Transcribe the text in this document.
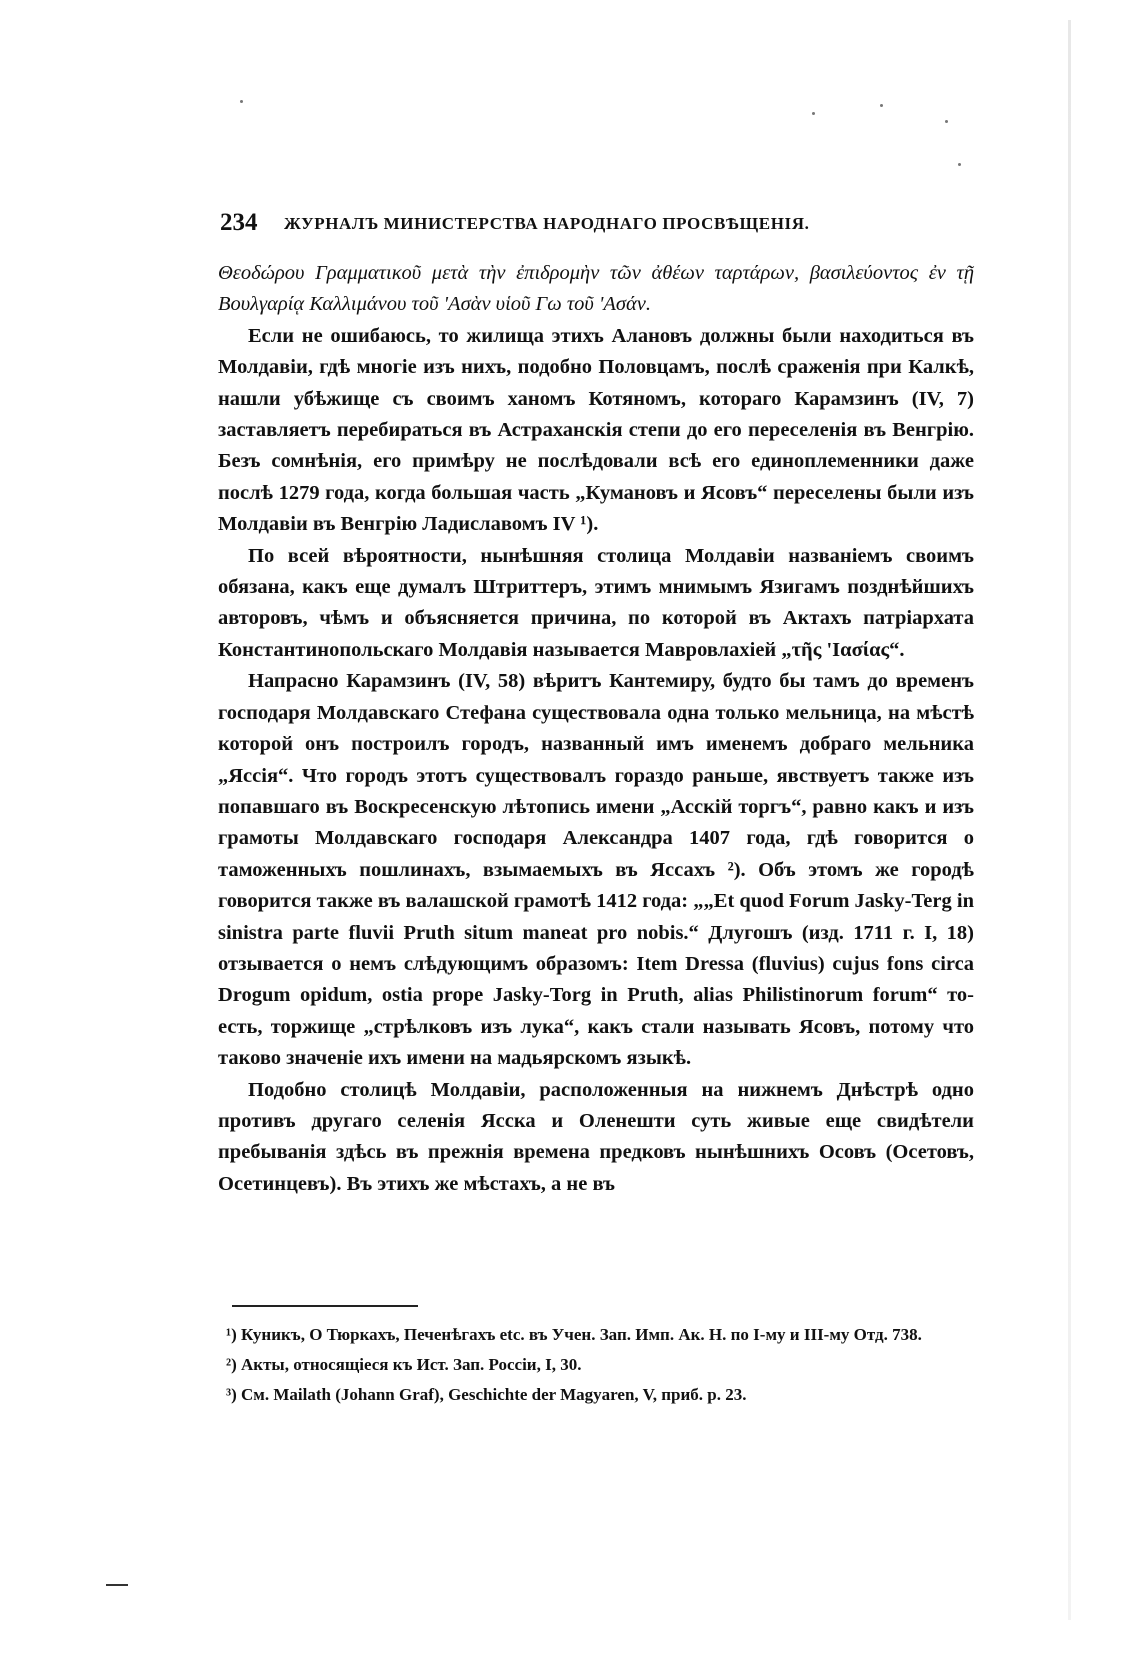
234 ЖУРНАЛЪ МИНИСТЕРСТВА НАРОДНАГО ПРОСВѢЩЕНІЯ.

Θεοδώρου Γραμματικοῦ μετὰ τὴν ἐπιδρομὴν τῶν ἀθέων ταρτάρων, βασιλεύοντος ἐν τῇ Βουλγαρίᾳ Καλλιμάνου τοῦ 'Ασὰν υἱοῦ Γω τοῦ 'Ασάν.

Если не ошибаюсь, то жилища этихъ Алановъ должны были находиться въ Молдавіи, гдѣ многіе изъ нихъ, подобно Половцамъ, послѣ сраженія при Калкѣ, нашли убѣжище съ своимъ ханомъ Котяномъ, котораго Карамзинъ (IV, 7) заставляетъ перебираться въ Астраханскія степи до его переселенія въ Венгрію. Безъ сомнѣнія, его примѣру не послѣдовали всѣ его единоплеменники даже послѣ 1279 года, когда большая часть „Кумановъ и Ясовъ“ переселены были изъ Молдавіи въ Венгрію Ладиславомъ IV ¹).

По всей вѣроятности, нынѣшняя столица Молдавіи названіемъ своимъ обязана, какъ еще думалъ Штриттеръ, этимъ мнимымъ Язигамъ позднѣйшихъ авторовъ, чѣмъ и объясняется причина, по которой въ Актахъ патріархата Константинопольскаго Молдавія называется Мавровлахіей „τῆς 'Ιασίας“.

Напрасно Карамзинъ (IV, 58) вѣритъ Кантемиру, будто бы тамъ до временъ господаря Молдавскаго Стефана существовала одна только мельница, на мѣстѣ которой онъ построилъ городъ, названный имъ именемъ добраго мельника „Яссія“. Что городъ этотъ существовалъ гораздо раньше, явствуетъ также изъ попавшаго въ Воскресенскую лѣтопись имени „Асскій торгъ“, равно какъ и изъ грамоты Молдавскаго господаря Александра 1407 года, гдѣ говорится о таможенныхъ пошлинахъ, взымаемыхъ въ Яссахъ ²). Объ этомъ же городѣ говорится также въ валашской грамотѣ 1412 года: „„Et quod Forum Jasky-Terg in sinistra parte fluvii Pruth situm maneat pro nobis.“ Длугошъ (изд. 1711 г. I, 18) отзывается о немъ слѣдующимъ образомъ: Item Dressa (fluvius) cujus fons circa Drogum opidum, ostia prope Jasky-Torg in Pruth, alias Philistinorum forum“ то-есть, торжище „стрѣлковъ изъ лука“, какъ стали называть Ясовъ, потому что таково значеніе ихъ имени на мадьярскомъ языкѣ.

Подобно столицѣ Молдавіи, расположенныя на нижнемъ Днѣстрѣ одно противъ другаго селенія Ясска и Оленешти суть живые еще свидѣтели пребыванія здѣсь въ прежнія времена предковъ нынѣшнихъ Осовъ (Осетовъ, Осетинцевъ). Въ этихъ же мѣстахъ, а не въ

¹) Куникъ, О Тюркахъ, Печенѣгахъ etc. въ Учен. Зап. Имп. Ак. Н. по I-му и III-му Отд. 738.

²) Акты, относящіеся къ Ист. Зап. Россіи, I, 30.

³) См. Mailath (Johann Graf), Geschichte der Magyaren, V, приб. p. 23.
